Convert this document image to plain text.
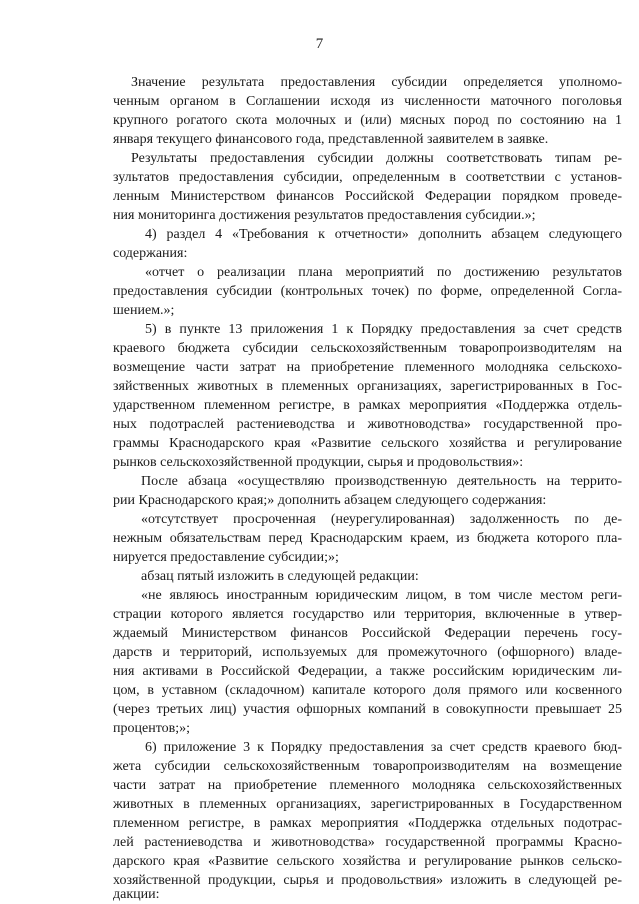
7
Значение результата предоставления субсидии определяется уполномо-
ченным органом в Соглашении исходя из численности маточного поголовья
крупного рогатого скота молочных и (или) мясных пород по состоянию на 1
января текущего финансового года, представленной заявителем в заявке.
Результаты предоставления субсидии должны соответствовать типам ре-
зультатов предоставления субсидии, определенным в соответствии с установ-
ленным Министерством финансов Российской Федерации порядком проведе-
ния мониторинга достижения результатов предоставления субсидии.»;
4) раздел 4 «Требования к отчетности» дополнить абзацем следующего
содержания:
«отчет о реализации плана мероприятий по достижению результатов
предоставления субсидии (контрольных точек) по форме, определенной Согла-
шением.»;
5) в пункте 13 приложения 1 к Порядку предоставления за счет средств
краевого бюджета субсидии сельскохозяйственным товаропроизводителям на
возмещение части затрат на приобретение племенного молодняка сельскохо-
зяйственных животных в племенных организациях, зарегистрированных в Гос-
ударственном племенном регистре, в рамках мероприятия «Поддержка отдель-
ных подотраслей растениеводства и животноводства» государственной про-
граммы Краснодарского края «Развитие сельского хозяйства и регулирование
рынков сельскохозяйственной продукции, сырья и продовольствия»:
После абзаца «осуществляю производственную деятельность на террито-
рии Краснодарского края;» дополнить абзацем следующего содержания:
«отсутствует просроченная (неурегулированная) задолженность по де-
нежным обязательствам перед Краснодарским краем, из бюджета которого пла-
нируется предоставление субсидии;»;
абзац пятый изложить в следующей редакции:
«не являюсь иностранным юридическим лицом, в том числе местом реги-
страции которого является государство или территория, включенные в утвер-
ждаемый Министерством финансов Российской Федерации перечень госу-
дарств и территорий, используемых для промежуточного (офшорного) владе-
ния активами в Российской Федерации, а также российским юридическим ли-
цом, в уставном (складочном) капитале которого доля прямого или косвенного
(через третьих лиц) участия офшорных компаний в совокупности превышает 25
процентов;»;
6) приложение 3 к Порядку предоставления за счет средств краевого бюд-
жета субсидии сельскохозяйственным товаропроизводителям на возмещение
части затрат на приобретение племенного молодняка сельскохозяйственных
животных в племенных организациях, зарегистрированных в Государственном
племенном регистре, в рамках мероприятия «Поддержка отдельных подотрас-
лей растениеводства и животноводства» государственной программы Красно-
дарского края «Развитие сельского хозяйства и регулирование рынков сельско-
хозяйственной продукции, сырья и продовольствия» изложить в следующей ре-
дакции:
